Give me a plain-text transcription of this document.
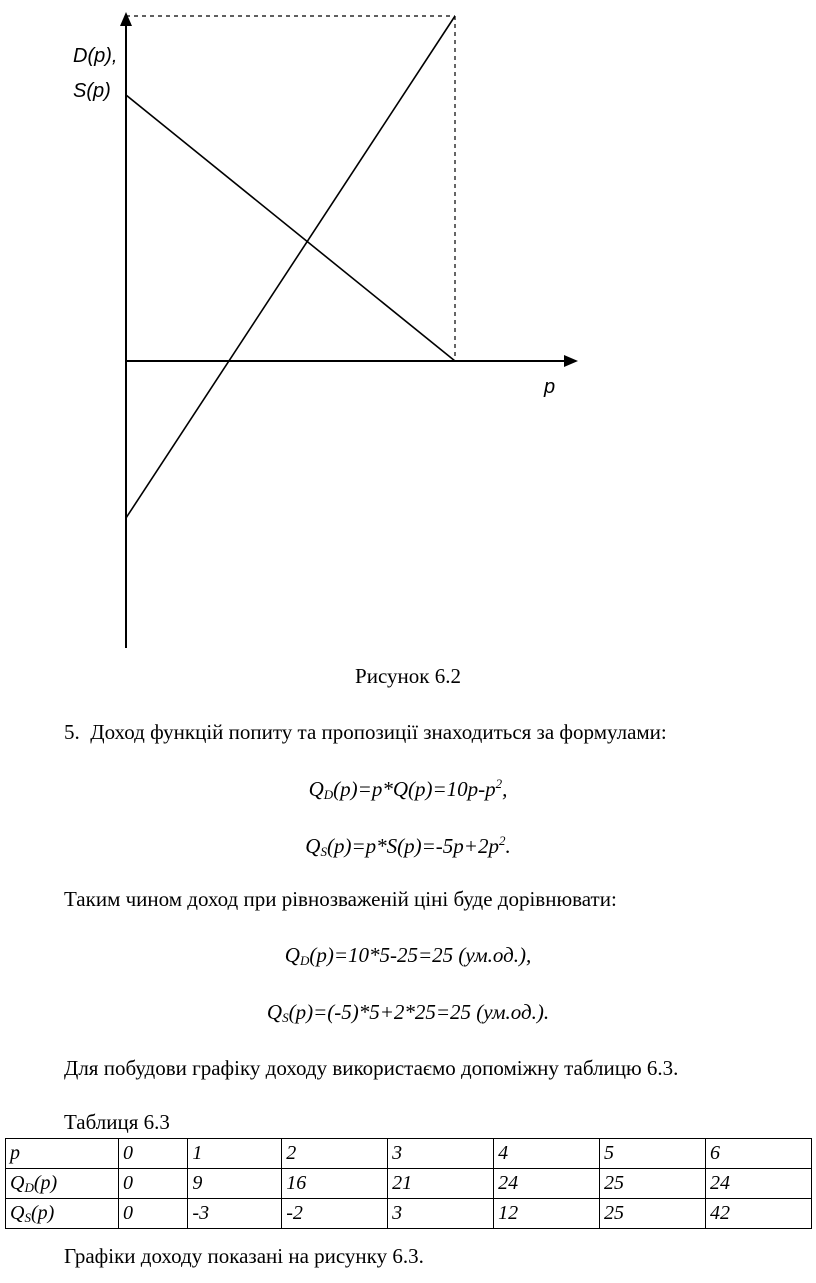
D(p),
S(p)
p
Рисунок 6.2
5. Доход функцій попиту та пропозиції знаходиться за формулами:
$Q_D(p)=p*Q(p)=10p-p^2$,
$Q_S(p)=p*S(p)=-5p+2p^2$.
Таким чином доход при рівнозваженій ціні буде дорівнювати:
$Q_D(p)=10*5-25=25$ (ум.од.),
$Q_S(p)=(-5)*5+2*25=25$ (ум.од.).
Для побудови графіку доходу використаємо допоміжну таблицю 6.3.
Таблиця 6.3
p	0	1	2	3	4	5	6
$Q_D(p)$	0	9	16	21	24	25	24
$Q_S(p)$	0	-3	-2	3	12	25	42
Графіки доходу показані на рисунку 6.3.
